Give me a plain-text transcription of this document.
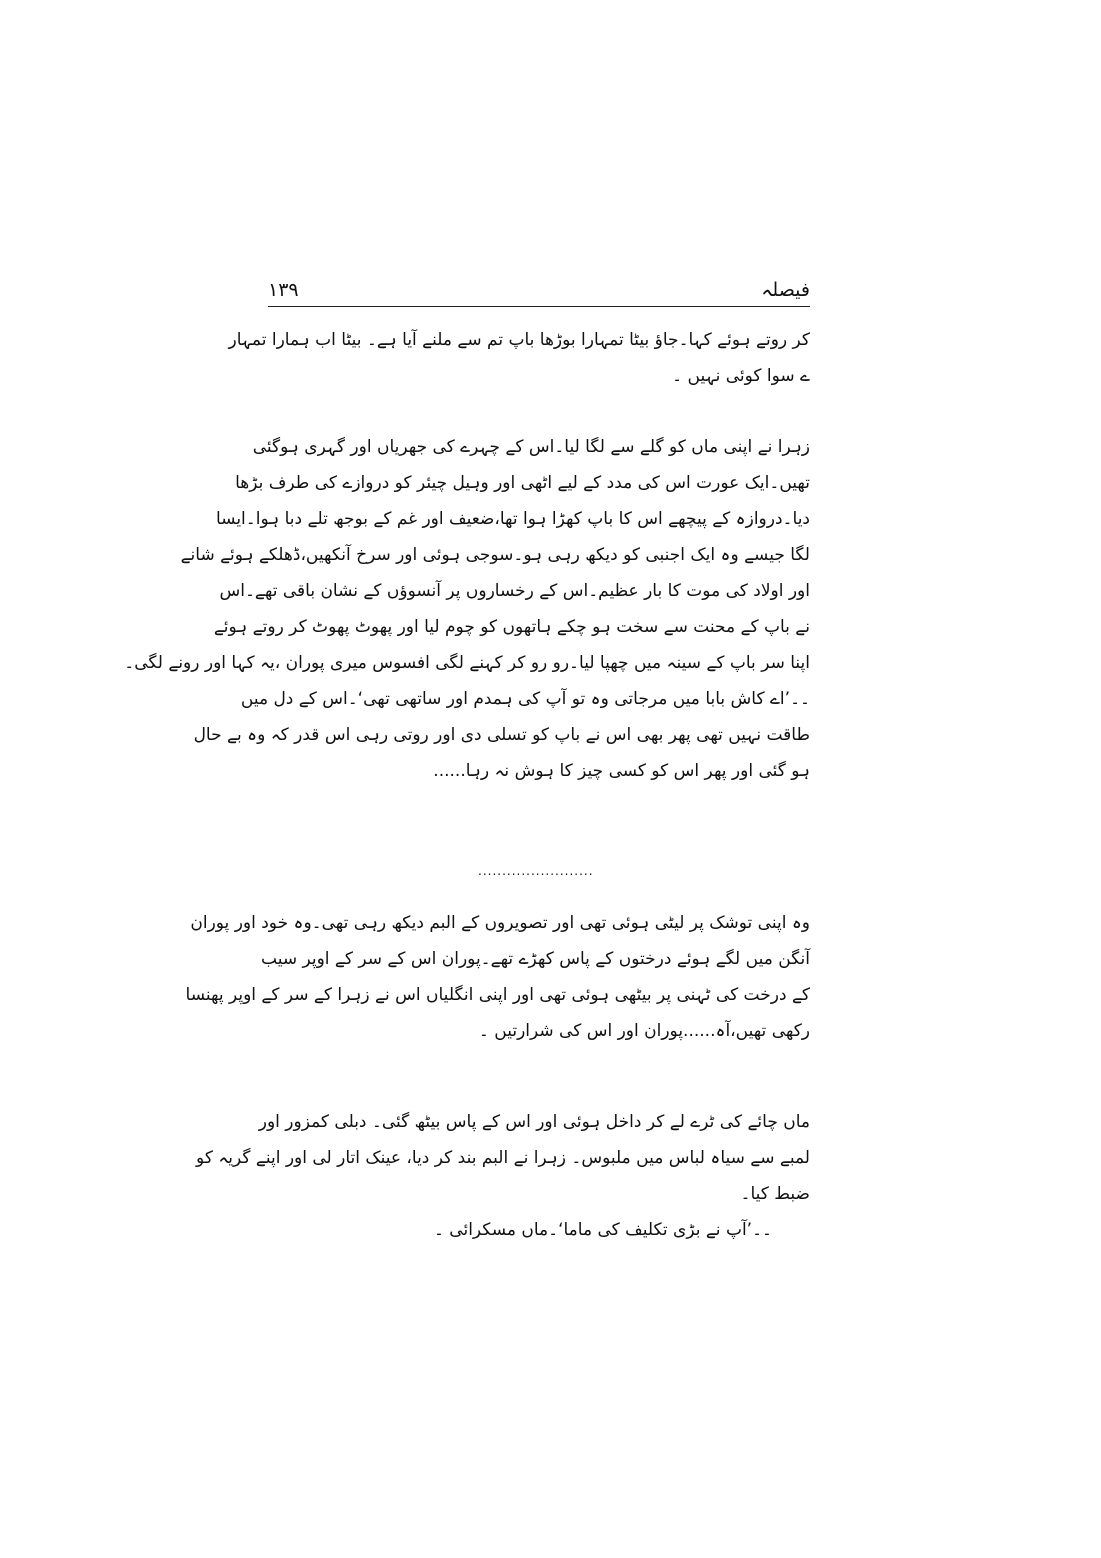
فیصلہ
۱۳۹
کر روتے ہوئے کہا۔جاؤ بیٹا تمہارا بوڑھا باپ تم سے ملنے آیا ہے۔ بیٹا اب ہمارا تمہار
ے سوا کوئی نہیں ۔
زہرا نے اپنی ماں کو گلے سے لگا لیا۔اس کے چہرے کی جھریاں اور گہری ہوگئی
تھیں۔ایک عورت اس کی مدد کے لیے اٹھی اور وہیل چیئر کو دروازے کی طرف بڑھا
دیا۔دروازہ کے پیچھے اس کا باپ کھڑا ہوا تھا،ضعیف اور غم کے بوجھ تلے دبا ہوا۔ایسا
لگا جیسے وہ ایک اجنبی کو دیکھ رہی ہو۔سوجی ہوئی اور سرخ آنکھیں،ڈھلکے ہوئے شانے
اور اولاد کی موت کا بار عظیم۔اس کے رخساروں پر آنسوؤں کے نشان باقی تھے۔اس
نے باپ کے محنت سے سخت ہو چکے ہاتھوں کو چوم لیا اور پھوٹ پھوٹ کر روتے ہوئے
اپنا سر باپ کے سینہ میں چھپا لیا۔رو رو کر کہنے لگی افسوس میری پوران ،یہ کہا اور رونے لگی۔
۔۔’اے کاش بابا میں مرجاتی وہ تو آپ کی ہمدم اور ساتھی تھی‘۔اس کے دل میں
طاقت نہیں تھی پھر بھی اس نے باپ کو تسلی دی اور روتی رہی اس قدر کہ وہ بے حال
ہو گئی اور پھر اس کو کسی چیز کا ہوش نہ رہا......
........................
وہ اپنی توشک پر لیٹی ہوئی تھی اور تصویروں کے البم دیکھ رہی تھی۔وہ خود اور پوران
آنگن میں لگے ہوئے درختوں کے پاس کھڑے تھے۔پوران اس کے سر کے اوپر سیب
کے درخت کی ٹہنی پر بیٹھی ہوئی تھی اور اپنی انگلیاں اس نے زہرا کے سر کے اوپر پھنسا
رکھی تھیں،آہ......پوران اور اس کی شرارتیں ۔
ماں چائے کی ٹرے لے کر داخل ہوئی اور اس کے پاس بیٹھ گئی۔ دبلی کمزور اور
لمبے سے سیاہ لباس میں ملبوس۔ زہرا نے البم بند کر دیا، عینک اتار لی اور اپنے گریہ کو
ضبط کیا۔
۔۔’آپ نے بڑی تکلیف کی ماما‘۔ماں مسکرائی ۔
